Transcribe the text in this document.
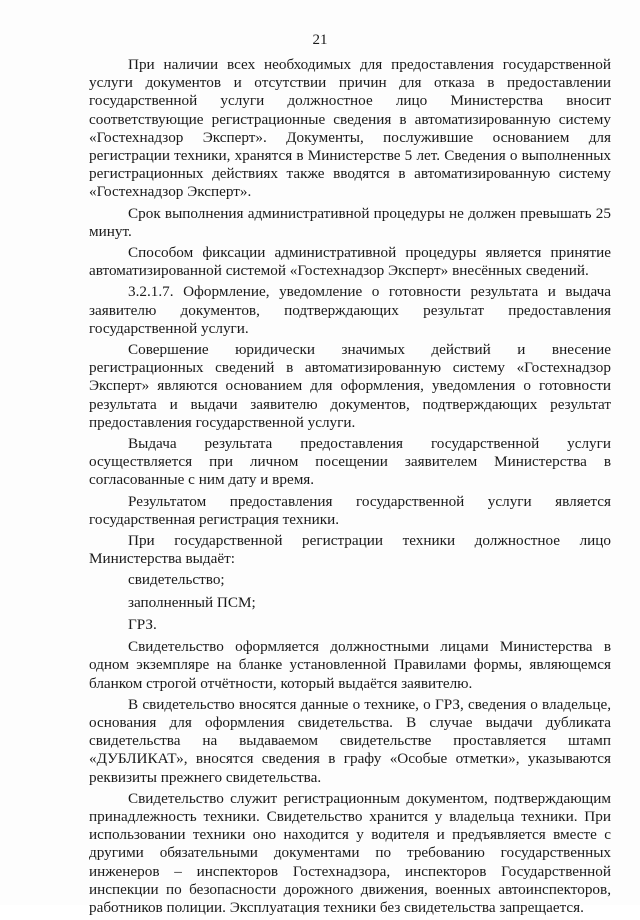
21

При наличии всех необходимых для предоставления государственной услуги документов и отсутствии причин для отказа в предоставлении государственной услуги должностное лицо Министерства вносит соответствующие регистрационные сведения в автоматизированную систему «Гостехнадзор Эксперт». Документы, послужившие основанием для регистрации техники, хранятся в Министерстве 5 лет. Сведения о выполненных регистрационных действиях также вводятся в автоматизированную систему «Гостехнадзор Эксперт».

Срок выполнения административной процедуры не должен превышать 25 минут.

Способом фиксации административной процедуры является принятие автоматизированной системой «Гостехнадзор Эксперт» внесённых сведений.

3.2.1.7. Оформление, уведомление о готовности результата и выдача заявителю документов, подтверждающих результат предоставления государственной услуги.

Совершение юридически значимых действий и внесение регистрационных сведений в автоматизированную систему «Гостехнадзор Эксперт» являются основанием для оформления, уведомления о готовности результата и выдачи заявителю документов, подтверждающих результат предоставления государственной услуги.

Выдача результата предоставления государственной услуги осуществляется при личном посещении заявителем Министерства в согласованные с ним дату и время.

Результатом предоставления государственной услуги является государственная регистрация техники.

При государственной регистрации техники должностное лицо Министерства выдаёт:

свидетельство;

заполненный ПСМ;

ГРЗ.

Свидетельство оформляется должностными лицами Министерства в одном экземпляре на бланке установленной Правилами формы, являющемся бланком строгой отчётности, который выдаётся заявителю.

В свидетельство вносятся данные о технике, о ГРЗ, сведения о владельце, основания для оформления свидетельства. В случае выдачи дубликата свидетельства на выдаваемом свидетельстве проставляется штамп «ДУБЛИКАТ», вносятся сведения в графу «Особые отметки», указываются реквизиты прежнего свидетельства.

Свидетельство служит регистрационным документом, подтверждающим принадлежность техники. Свидетельство хранится у владельца техники. При использовании техники оно находится у водителя и предъявляется вместе с другими обязательными документами по требованию государственных инженеров – инспекторов Гостехнадзора, инспекторов Государственной инспекции по безопасности дорожного движения, военных автоинспекторов, работников полиции. Эксплуатация техники без свидетельства запрещается.
